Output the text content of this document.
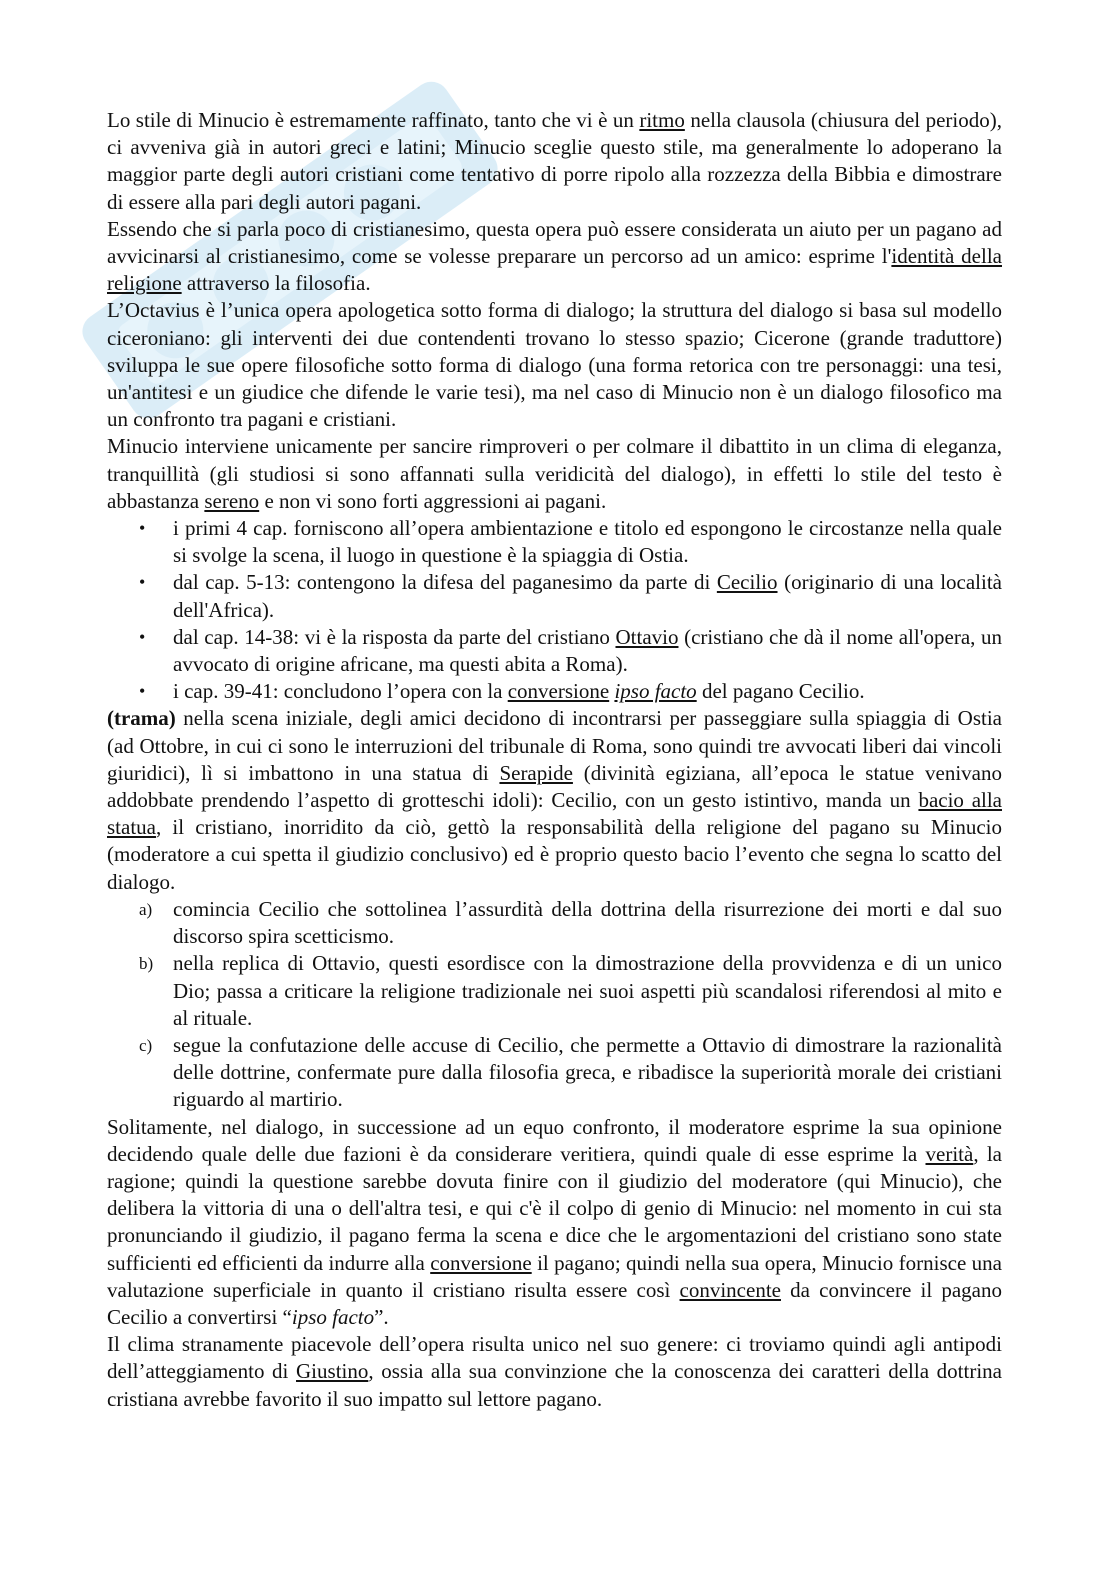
Lo stile di Minucio è estremamente raffinato, tanto che vi è un ritmo nella clausola (chiusura del periodo), ci avveniva già in autori greci e latini; Minucio sceglie questo stile, ma generalmente lo adoperano la maggior parte degli autori cristiani come tentativo di porre ripolo alla rozzezza della Bibbia e dimostrare di essere alla pari degli autori pagani.

Essendo che si parla poco di cristianesimo, questa opera può essere considerata un aiuto per un pagano ad avvicinarsi al cristianesimo, come se volesse preparare un percorso ad un amico: esprime l'identità della religione attraverso la filosofia.

L’Octavius è l’unica opera apologetica sotto forma di dialogo; la struttura del dialogo si basa sul modello ciceroniano: gli interventi dei due contendenti trovano lo stesso spazio; Cicerone (grande traduttore) sviluppa le sue opere filosofiche sotto forma di dialogo (una forma retorica con tre personaggi: una tesi, un'antitesi e un giudice che difende le varie tesi), ma nel caso di Minucio non è un dialogo filosofico ma un confronto tra pagani e cristiani.

Minucio interviene unicamente per sancire rimproveri o per colmare il dibattito in un clima di eleganza, tranquillità (gli studiosi si sono affannati sulla veridicità del dialogo), in effetti lo stile del testo è abbastanza sereno e non vi sono forti aggressioni ai pagani.

• i primi 4 cap. forniscono all’opera ambientazione e titolo ed espongono le circostanze nella quale si svolge la scena, il luogo in questione è la spiaggia di Ostia.
• dal cap. 5-13: contengono la difesa del paganesimo da parte di Cecilio (originario di una località dell'Africa).
• dal cap. 14-38: vi è la risposta da parte del cristiano Ottavio (cristiano che dà il nome all'opera, un avvocato di origine africane, ma questi abita a Roma).
• i cap. 39-41: concludono l’opera con la conversione ipso facto del pagano Cecilio.

(trama) nella scena iniziale, degli amici decidono di incontrarsi per passeggiare sulla spiaggia di Ostia (ad Ottobre, in cui ci sono le interruzioni del tribunale di Roma, sono quindi tre avvocati liberi dai vincoli giuridici), lì si imbattono in una statua di Serapide (divinità egiziana, all’epoca le statue venivano addobbate prendendo l’aspetto di grotteschi idoli): Cecilio, con un gesto istintivo, manda un bacio alla statua, il cristiano, inorridito da ciò, gettò la responsabilità della religione del pagano su Minucio (moderatore a cui spetta il giudizio conclusivo) ed è proprio questo bacio l’evento che segna lo scatto del dialogo.

a) comincia Cecilio che sottolinea l’assurdità della dottrina della risurrezione dei morti e dal suo discorso spira scetticismo.
b) nella replica di Ottavio, questi esordisce con la dimostrazione della provvidenza e di un unico Dio; passa a criticare la religione tradizionale nei suoi aspetti più scandalosi riferendosi al mito e al rituale.
c) segue la confutazione delle accuse di Cecilio, che permette a Ottavio di dimostrare la razionalità delle dottrine, confermate pure dalla filosofia greca, e ribadisce la superiorità morale dei cristiani riguardo al martirio.

Solitamente, nel dialogo, in successione ad un equo confronto, il moderatore esprime la sua opinione decidendo quale delle due fazioni è da considerare veritiera, quindi quale di esse esprime la verità, la ragione; quindi la questione sarebbe dovuta finire con il giudizio del moderatore (qui Minucio), che delibera la vittoria di una o dell'altra tesi, e qui c'è il colpo di genio di Minucio: nel momento in cui sta pronunciando il giudizio, il pagano ferma la scena e dice che le argomentazioni del cristiano sono state sufficienti ed efficienti da indurre alla conversione il pagano; quindi nella sua opera, Minucio fornisce una valutazione superficiale in quanto il cristiano risulta essere così convincente da convincere il pagano Cecilio a convertirsi “ipso facto”.

Il clima stranamente piacevole dell’opera risulta unico nel suo genere: ci troviamo quindi agli antipodi dell’atteggiamento di Giustino, ossia alla sua convinzione che la conoscenza dei caratteri della dottrina cristiana avrebbe favorito il suo impatto sul lettore pagano.
